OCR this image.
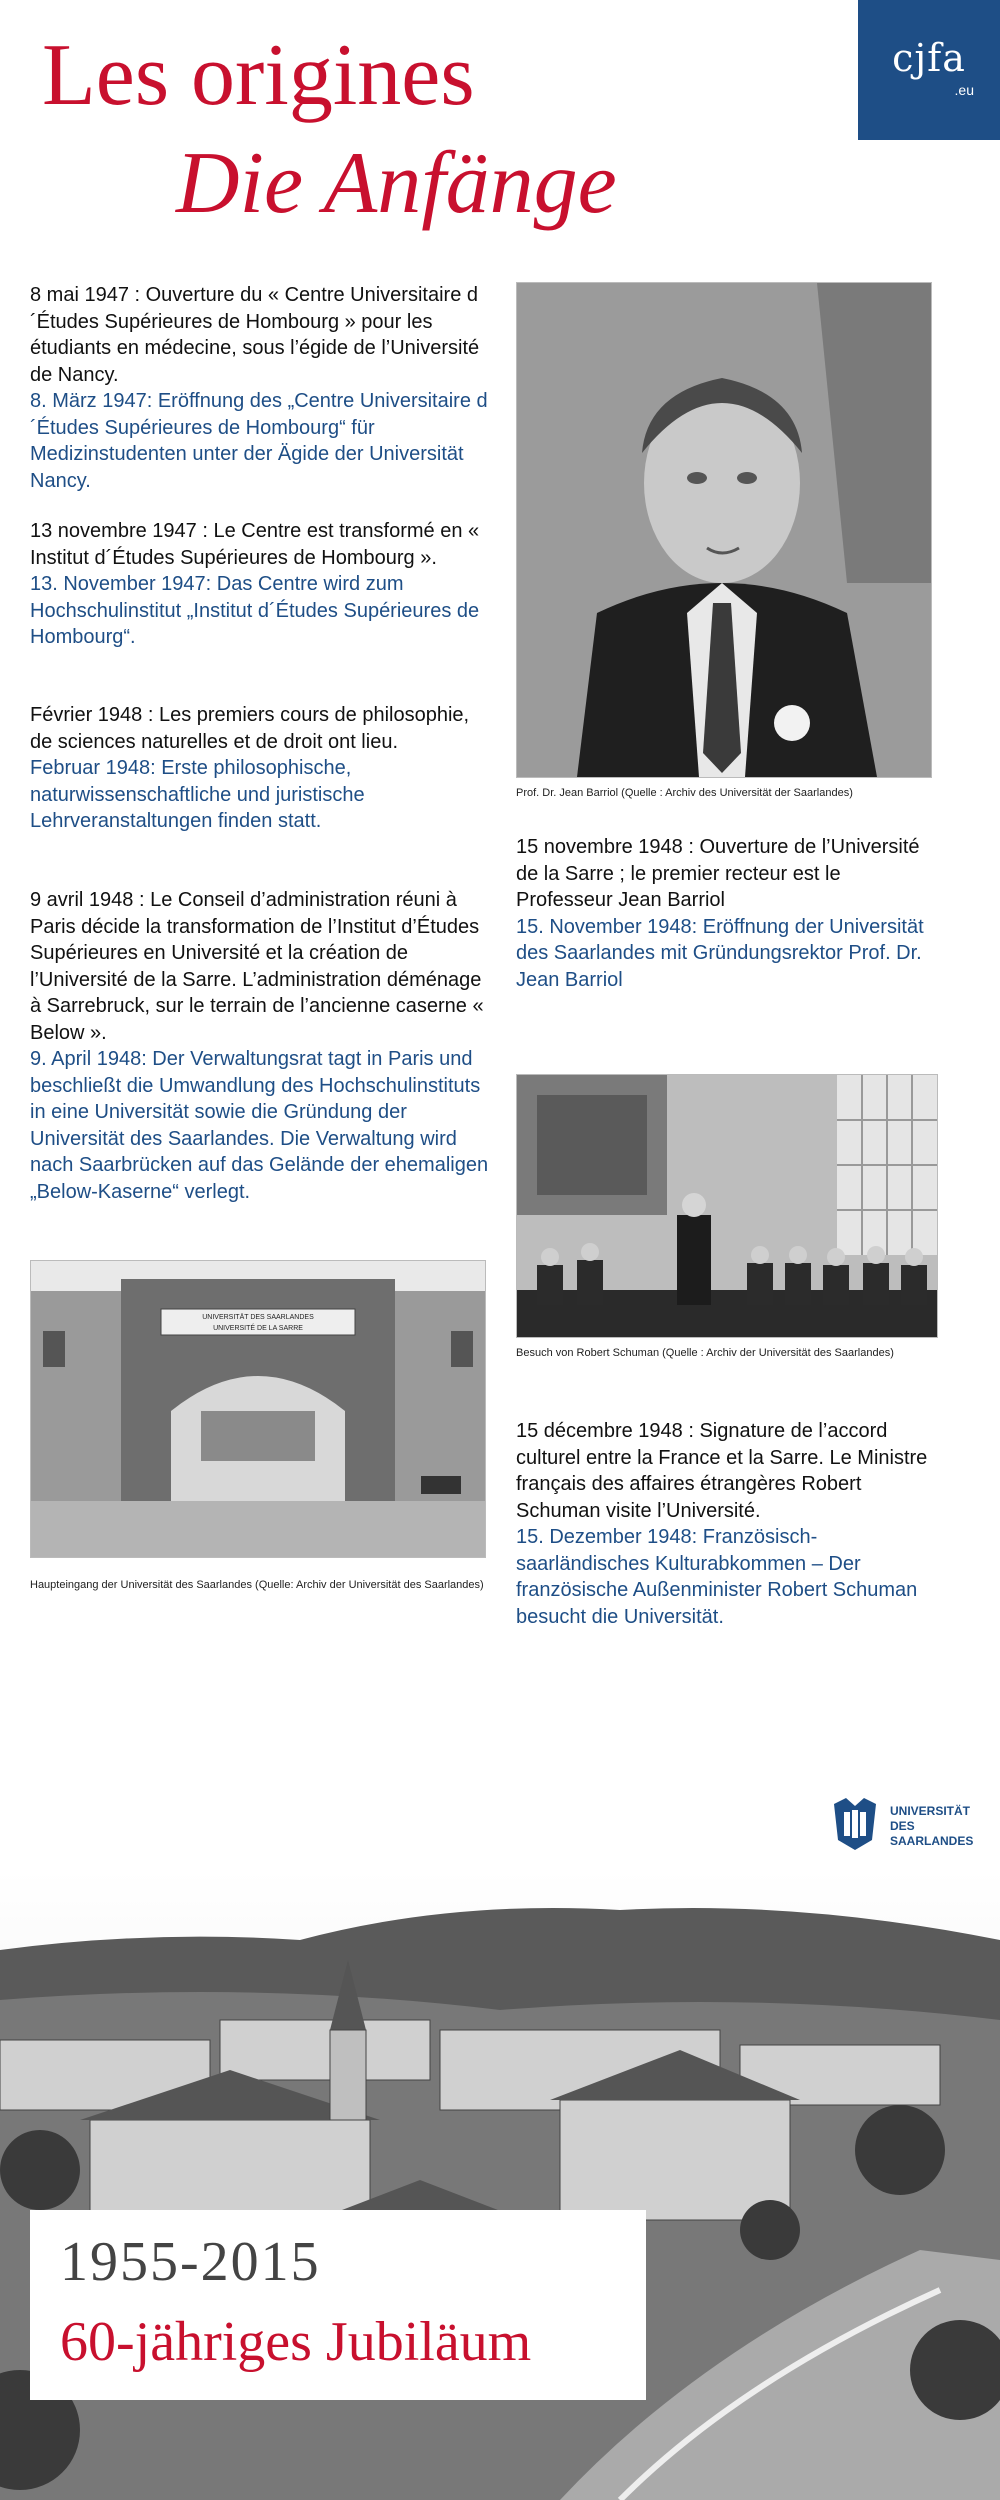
cjfa
.eu
Les origines
Die Anfänge
8 mai 1947 : Ouverture du « Centre Universitaire d´Études Supérieures de Hombourg » pour les étudiants en médecine, sous l’égide de l’Université de Nancy.
8. März 1947: Eröffnung des „Centre Universitaire d´Études Supérieures de Hombourg“ für Medizinstudenten unter der Ägide der Universität Nancy.
13 novembre 1947 : Le Centre est transformé en « Institut d´Études Supérieures de Hombourg ».
13. November 1947: Das Centre wird zum Hochschulinstitut „Institut d´Études Supérieures de Hombourg“.
Février 1948 : Les premiers cours de philosophie, de sciences naturelles et de droit ont lieu.
Februar 1948: Erste philosophische, naturwissenschaftliche und juristische Lehrveranstaltungen finden statt.
9 avril 1948 : Le Conseil d’administration réuni à Paris décide la transformation de l’Institut d’Études Supérieures en Université et la création de l’Université de la Sarre. L’administration déménage à Sarrebruck, sur le terrain de l’ancienne caserne « Below ».
9. April 1948: Der Verwaltungsrat tagt in Paris und beschließt die Umwandlung des Hochschulinstituts in eine Universität sowie die Gründung der Universität des Saarlandes. Die Verwaltung wird nach Saarbrücken auf das Gelände der ehemaligen „Below-Kaserne“ verlegt.
UNIVERSITÄT DES SAARLANDES
UNIVERSITÉ DE LA SARRE
Haupteingang der Universität des Saarlandes (Quelle: Archiv der Universität des Saarlandes)
Prof. Dr. Jean Barriol (Quelle : Archiv des Universität der Saarlandes)
15 novembre 1948 : Ouverture de l’Université de la Sarre ; le premier recteur est le Professeur Jean Barriol
15. November 1948: Eröffnung der Universität des Saarlandes mit Gründungsrektor Prof. Dr. Jean Barriol
Besuch von Robert Schuman (Quelle : Archiv der Universität des Saarlandes)
15 décembre 1948 : Signature de l’accord culturel entre la France et la Sarre. Le Ministre français des affaires étrangères Robert Schuman visite l’Université.
15. Dezember 1948: Französisch-saarländisches Kulturabkommen – Der französische Außenminister Robert Schuman besucht die Universität.
UNIVERSITÄT
DES
SAARLANDES
1955-2015
60-jähriges Jubiläum
